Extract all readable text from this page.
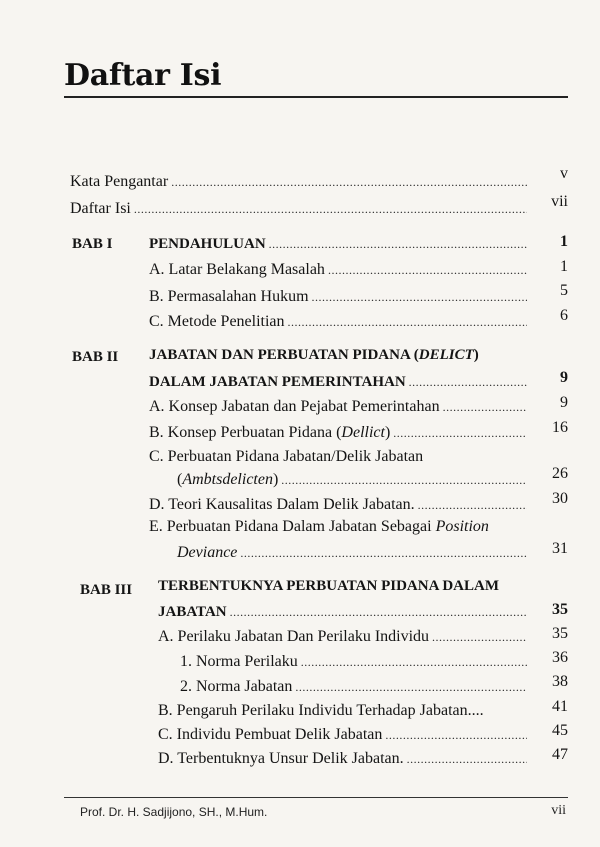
Daftar Isi
Kata Pengantar .....	v
Daftar Isi .....	vii
BAB I PENDAHULUAN .....	1
A. Latar Belakang Masalah .....	1
B. Permasalahan Hukum .....	5
C. Metode Penelitian .....	6
BAB II JABATAN DAN PERBUATAN PIDANA (DELICT)
DALAM JABATAN PEMERINTAHAN .....	9
A. Konsep Jabatan dan Pejabat Pemerintahan .....	9
B. Konsep Perbuatan Pidana (Dellict) .....	16
C. Perbuatan Pidana Jabatan/Delik Jabatan
(Ambtsdelicten) .....	26
D. Teori Kausalitas Dalam Delik Jabatan. .....	30
E. Perbuatan Pidana Dalam Jabatan Sebagai Position
Deviance .....	31
BAB III TERBENTUKNYA PERBUATAN PIDANA DALAM
JABATAN .....	35
A. Perilaku Jabatan Dan Perilaku Individu .....	35
1. Norma Perilaku .....	36
2. Norma Jabatan .....	38
B. Pengaruh Perilaku Individu Terhadap Jabatan....	41
C. Individu Pembuat Delik Jabatan .....	45
D. Terbentuknya Unsur Delik Jabatan. .....	47
Prof. Dr. H. Sadjijono, SH., M.Hum.	vii
